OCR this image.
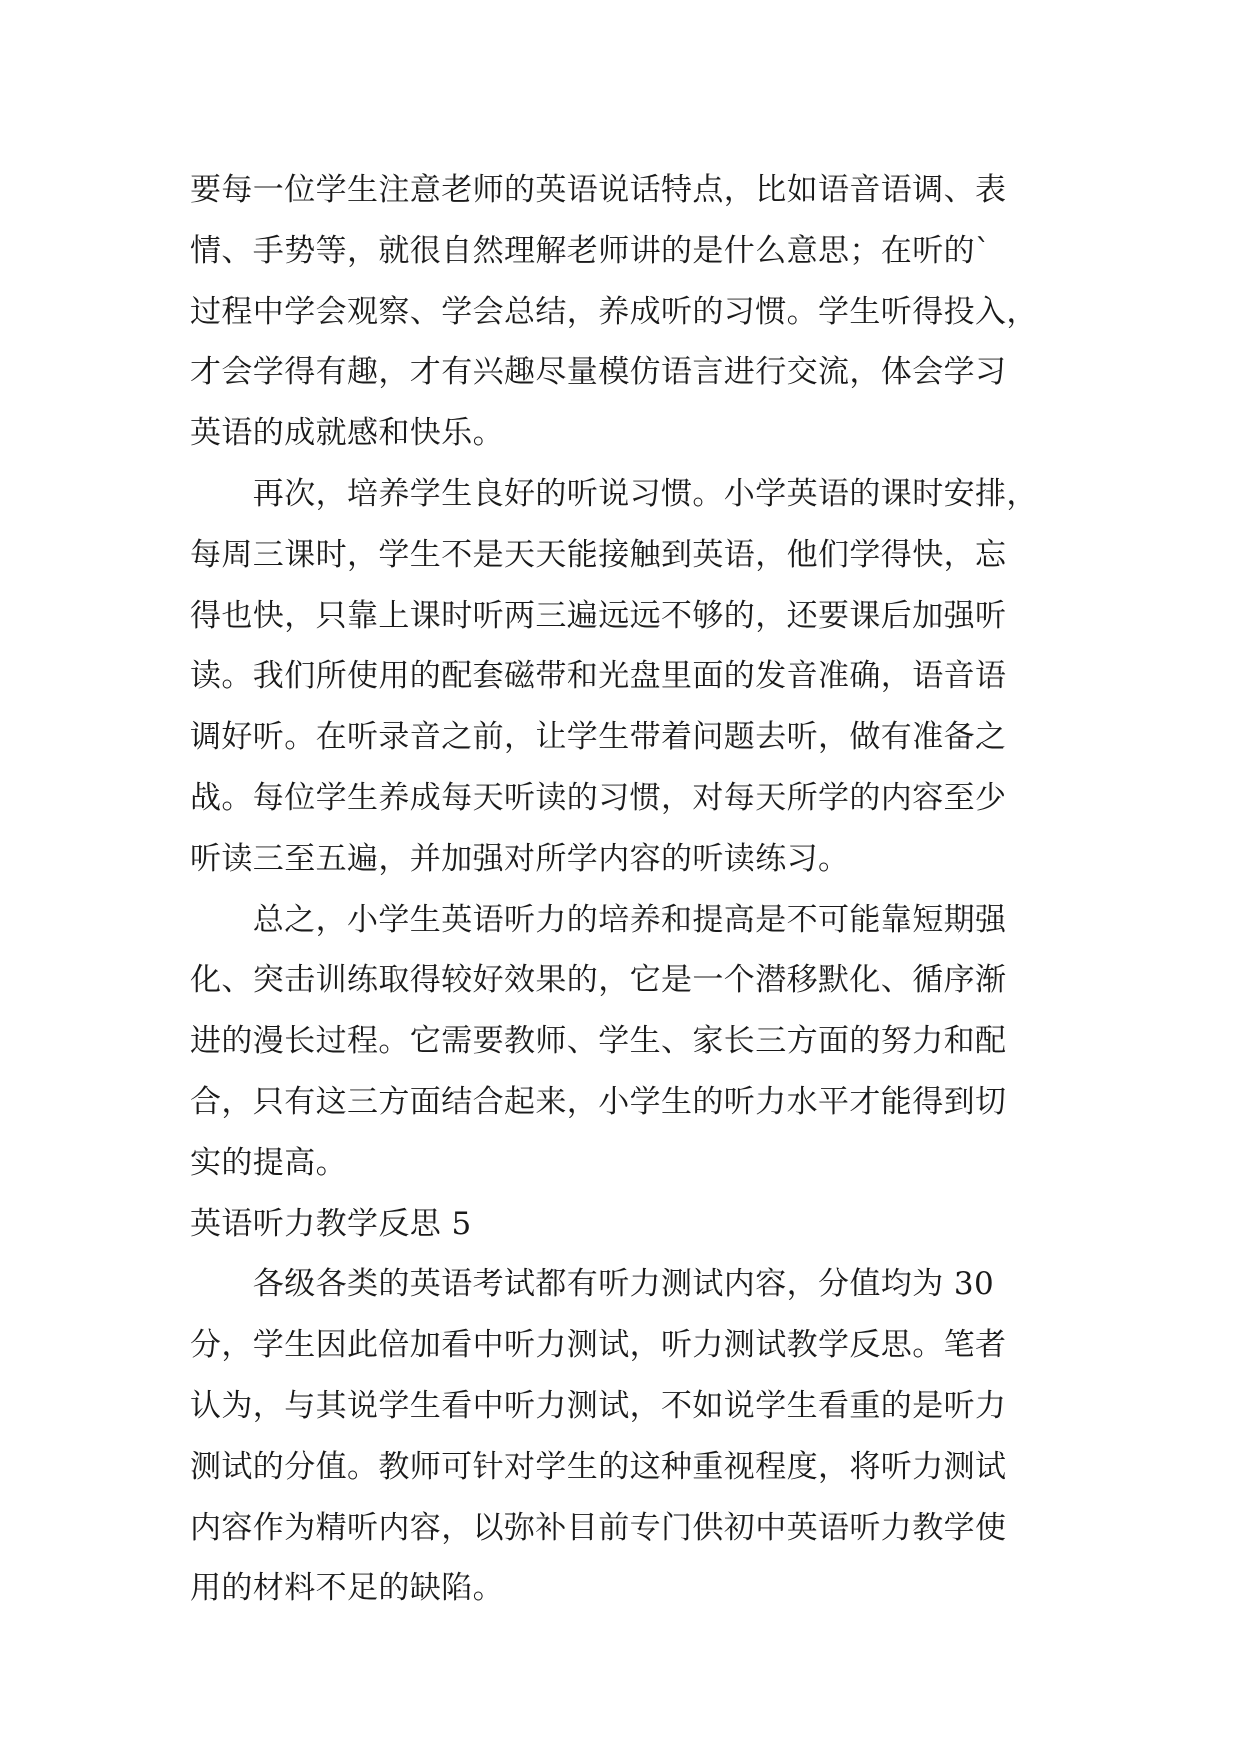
要每一位学生注意老师的英语说话特点，比如语音语调、表
情、手势等，就很自然理解老师讲的是什么意思；在听的`
过程中学会观察、学会总结，养成听的习惯。学生听得投入，
才会学得有趣，才有兴趣尽量模仿语言进行交流，体会学习
英语的成就感和快乐。
　　再次，培养学生良好的听说习惯。小学英语的课时安排，
每周三课时，学生不是天天能接触到英语，他们学得快，忘
得也快，只靠上课时听两三遍远远不够的，还要课后加强听
读。我们所使用的配套磁带和光盘里面的发音准确，语音语
调好听。在听录音之前，让学生带着问题去听，做有准备之
战。每位学生养成每天听读的习惯，对每天所学的内容至少
听读三至五遍，并加强对所学内容的听读练习。
　　总之，小学生英语听力的培养和提高是不可能靠短期强
化、突击训练取得较好效果的，它是一个潜移默化、循序渐
进的漫长过程。它需要教师、学生、家长三方面的努力和配
合，只有这三方面结合起来，小学生的听力水平才能得到切
实的提高。
英语听力教学反思 5
　　各级各类的英语考试都有听力测试内容，分值均为 30
分，学生因此倍加看中听力测试，听力测试教学反思。笔者
认为，与其说学生看中听力测试，不如说学生看重的是听力
测试的分值。教师可针对学生的这种重视程度，将听力测试
内容作为精听内容，以弥补目前专门供初中英语听力教学使
用的材料不足的缺陷。
